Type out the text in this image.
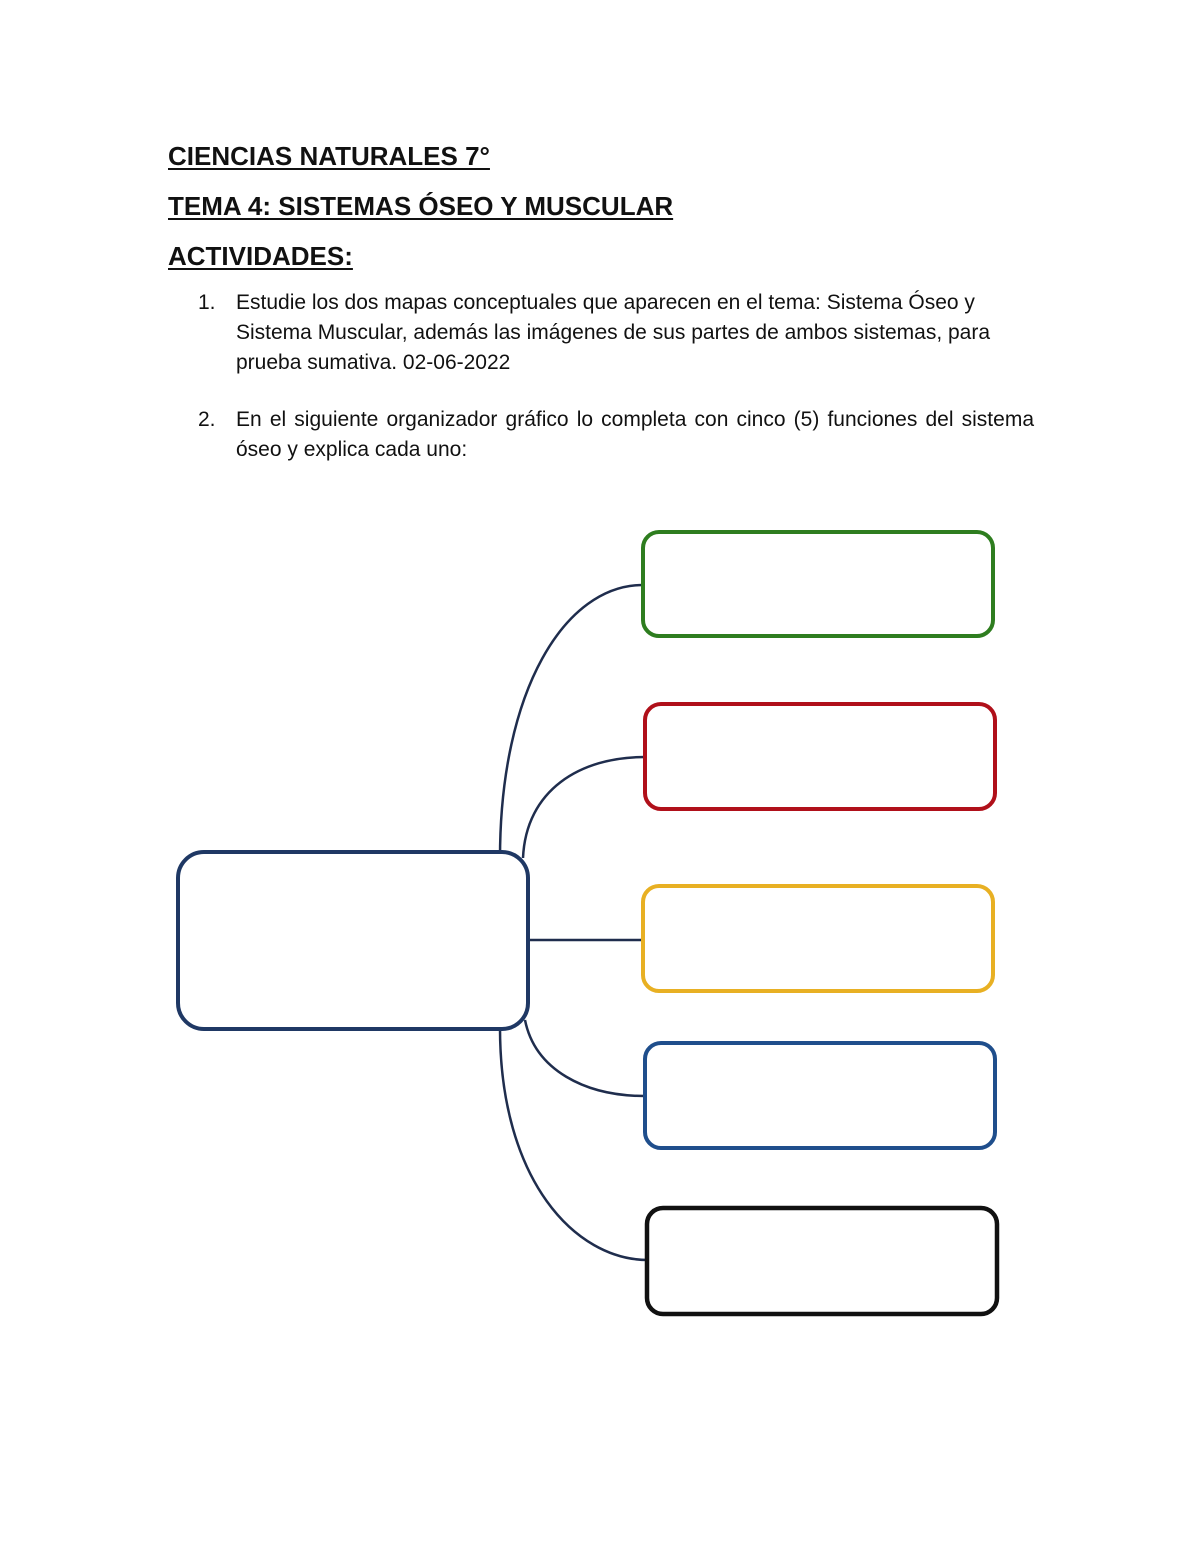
CIENCIAS NATURALES 7°
TEMA 4: SISTEMAS ÓSEO Y MUSCULAR
ACTIVIDADES:
1. Estudie los dos mapas conceptuales que aparecen en el tema: Sistema Óseo y Sistema Muscular, además las imágenes de sus partes de ambos sistemas, para prueba sumativa. 02-06-2022
2. En el siguiente organizador gráfico lo completa con cinco (5) funciones del sistema óseo y explica cada uno:
